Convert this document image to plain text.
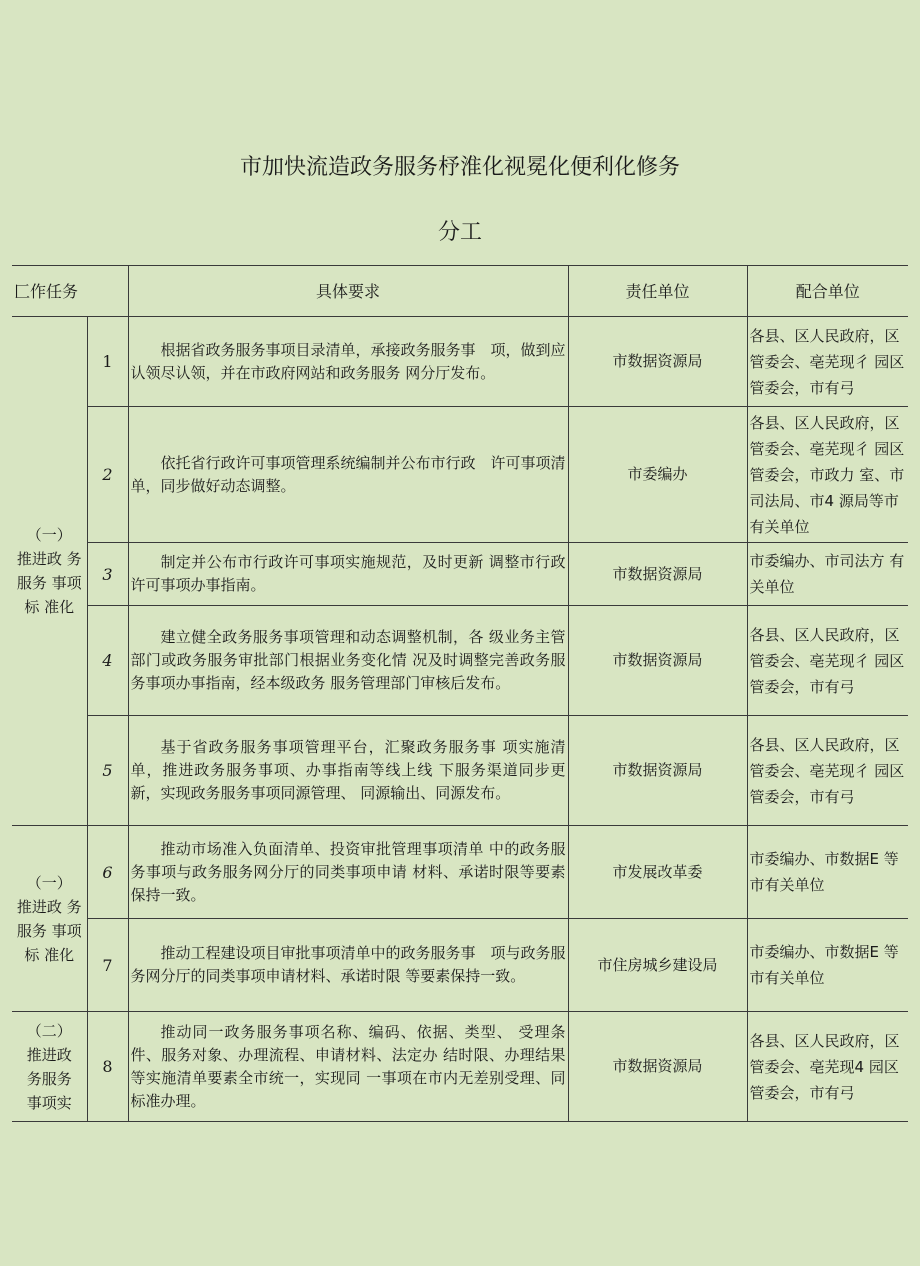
市加快流造政务服务杼淮化视冕化便利化修务
分工
匚作任务		具体要求	责任单位	配合单位
（一）
推进政 务
服务 事项
标 准化	1	根据省政务服务事项目录清单，承接政务服务事　项，做到应认领尽认领，并在市政府网站和政务服务 网分厅发布。	市数据资源局	各县、区人民政府，区管委会、亳芜现彳 园区管委会，市有弓
	2	依托省行政许可事项管理系统编制并公布市行政　许可事项清单，同步做好动态调整。	市委编办	各县、区人民政府，区管委会、亳芜现彳 园区管委会，市政力 室、市司法局、市4 源局等市有关单位
	3	制定并公布市行政许可事项实施规范，及时更新 调整市行政许可事项办事指南。	市数据资源局	市委编办、市司法方 有关单位
	4	建立健全政务服务事项管理和动态调整机制，各 级业务主管部门或政务服务审批部门根据业务变化情 况及时调整完善政务服务事项办事指南，经本级政务 服务管理部门审核后发布。	市数据资源局	各县、区人民政府，区管委会、亳芜现彳 园区管委会，市有弓
	5	基于省政务服务事项管理平台，汇聚政务服务事 项实施清单，推进政务服务事项、办事指南等线上线 下服务渠道同步更新，实现政务服务事项同源管理、 同源输出、同源发布。	市数据资源局	各县、区人民政府，区管委会、亳芜现彳 园区管委会，市有弓
（一）
推进政 务
服务 事项
标 准化	6	推动市场准入负面清单、投资审批管理事项清单 中的政务服务事项与政务服务网分厅的同类事项申请 材料、承诺时限等要素保持一致。	市发展改革委	市委编办、市数据E 等市有关单位
	7	推动工程建设项目审批事项清单中的政务服务事　项与政务服务网分厅的同类事项申请材料、承诺时限 等要素保持一致。	市住房城乡建设局	市委编办、市数据E 等市有关单位
（二）
推进政
务服务
事项实	8	推动同一政务服务事项名称、编码、依据、类型、 受理条件、服务对象、办理流程、申请材料、法定办 结时限、办理结果等实施清单要素全市统一，实现同 一事项在市内无差别受理、同标准办理。	市数据资源局	各县、区人民政府，区管委会、亳芜现4 园区管委会，市有弓
